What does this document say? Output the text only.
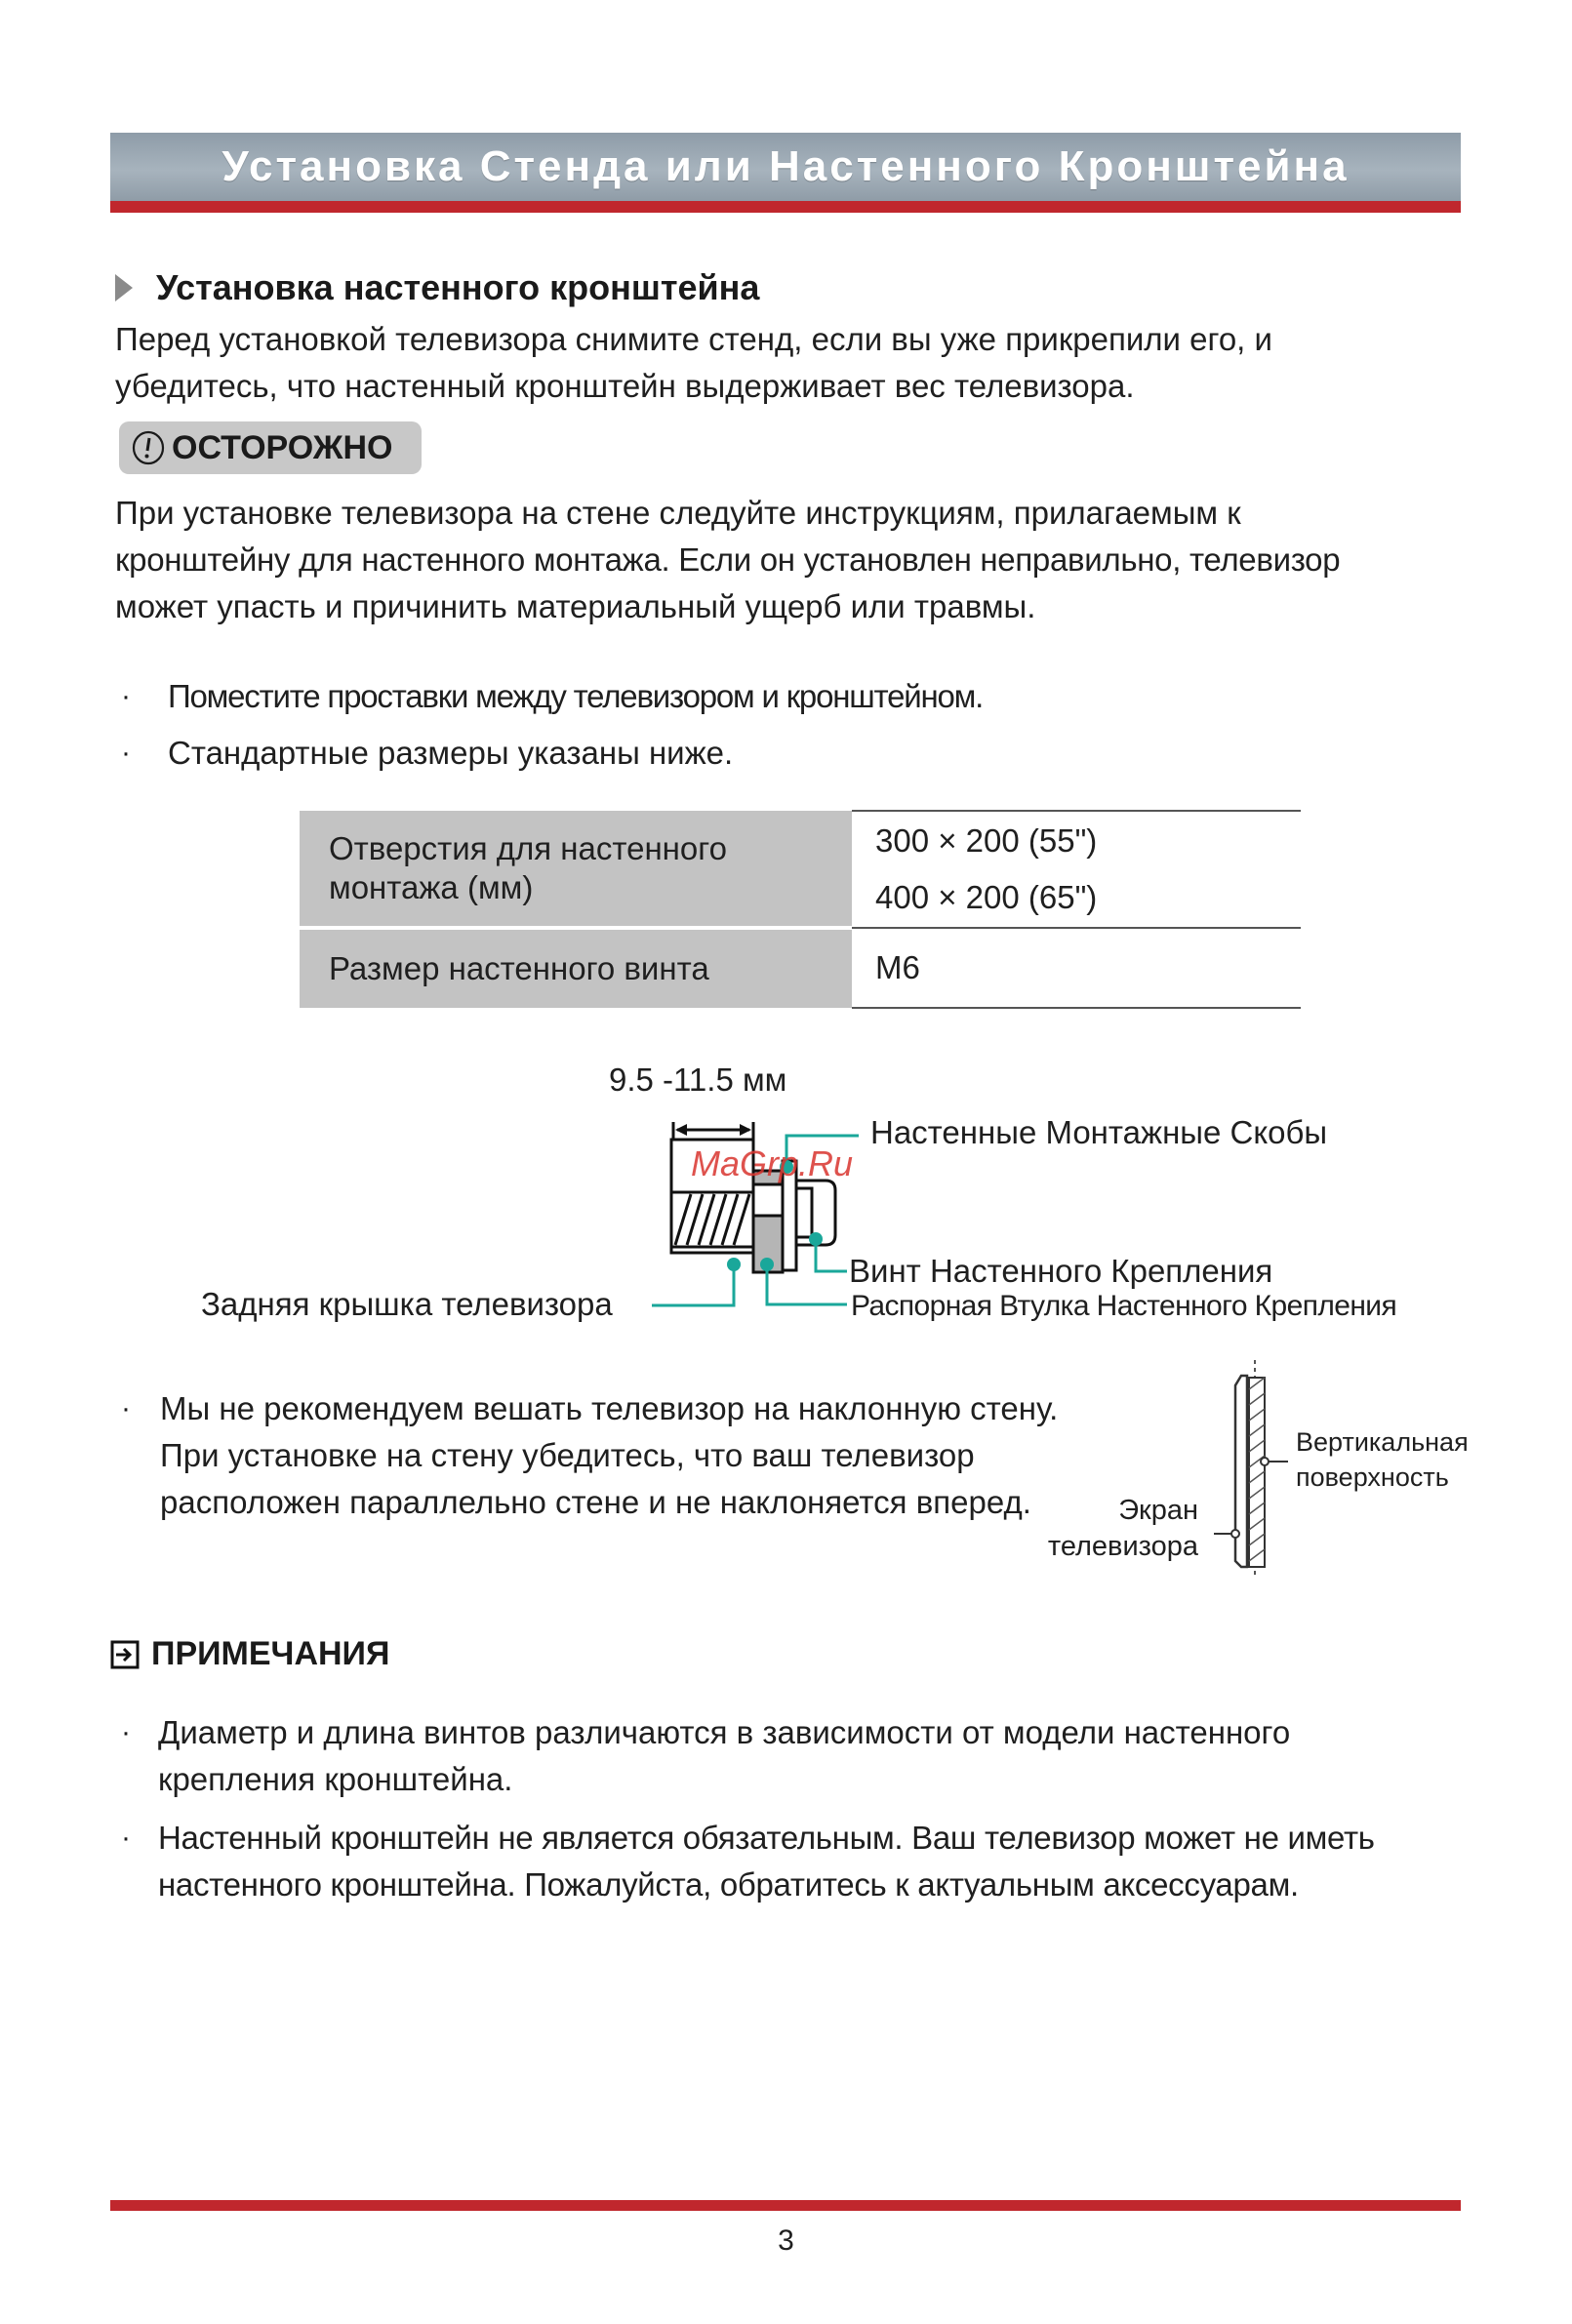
Установка Стенда или Настенного Кронштейна
Установка настенного кронштейна
Перед установкой телевизора снимите стенд, если вы уже прикрепили его, и
убедитесь, что настенный кронштейн выдерживает вес телевизора.
ОСТОРОЖНО
При установке телевизора на стене следуйте инструкциям, прилагаемым к
кронштейну для настенного монтажа. Если он установлен неправильно, телевизор
может упасть и причинить материальный ущерб или травмы.
·	Поместите проставки между телевизором и кронштейном.
·	Стандартные размеры указаны ниже.
Отверстия для настенного монтажа (мм)	300 × 200 (55")
400 × 200 (65")

Размер настенного винта	M6
9.5 -11.5 мм
Настенные Монтажные Скобы
MaGrp.Ru
Винт Настенного Крепления
Распорная Втулка Настенного Крепления
Задняя крышка телевизора
· Мы не рекомендуем вешать телевизор на наклонную стену.
При установке на стену убедитесь, что ваш телевизор
расположен параллельно стене и не наклоняется вперед.
Вертикальная
поверхность
Экран
телевизора
ПРИМЕЧАНИЯ
· Диаметр и длина винтов различаются в зависимости от модели настенного
крепления кронштейна.
· Настенный кронштейн не является обязательным. Ваш телевизор может не иметь
настенного кронштейна. Пожалуйста, обратитесь к актуальным аксессуарам.
3
